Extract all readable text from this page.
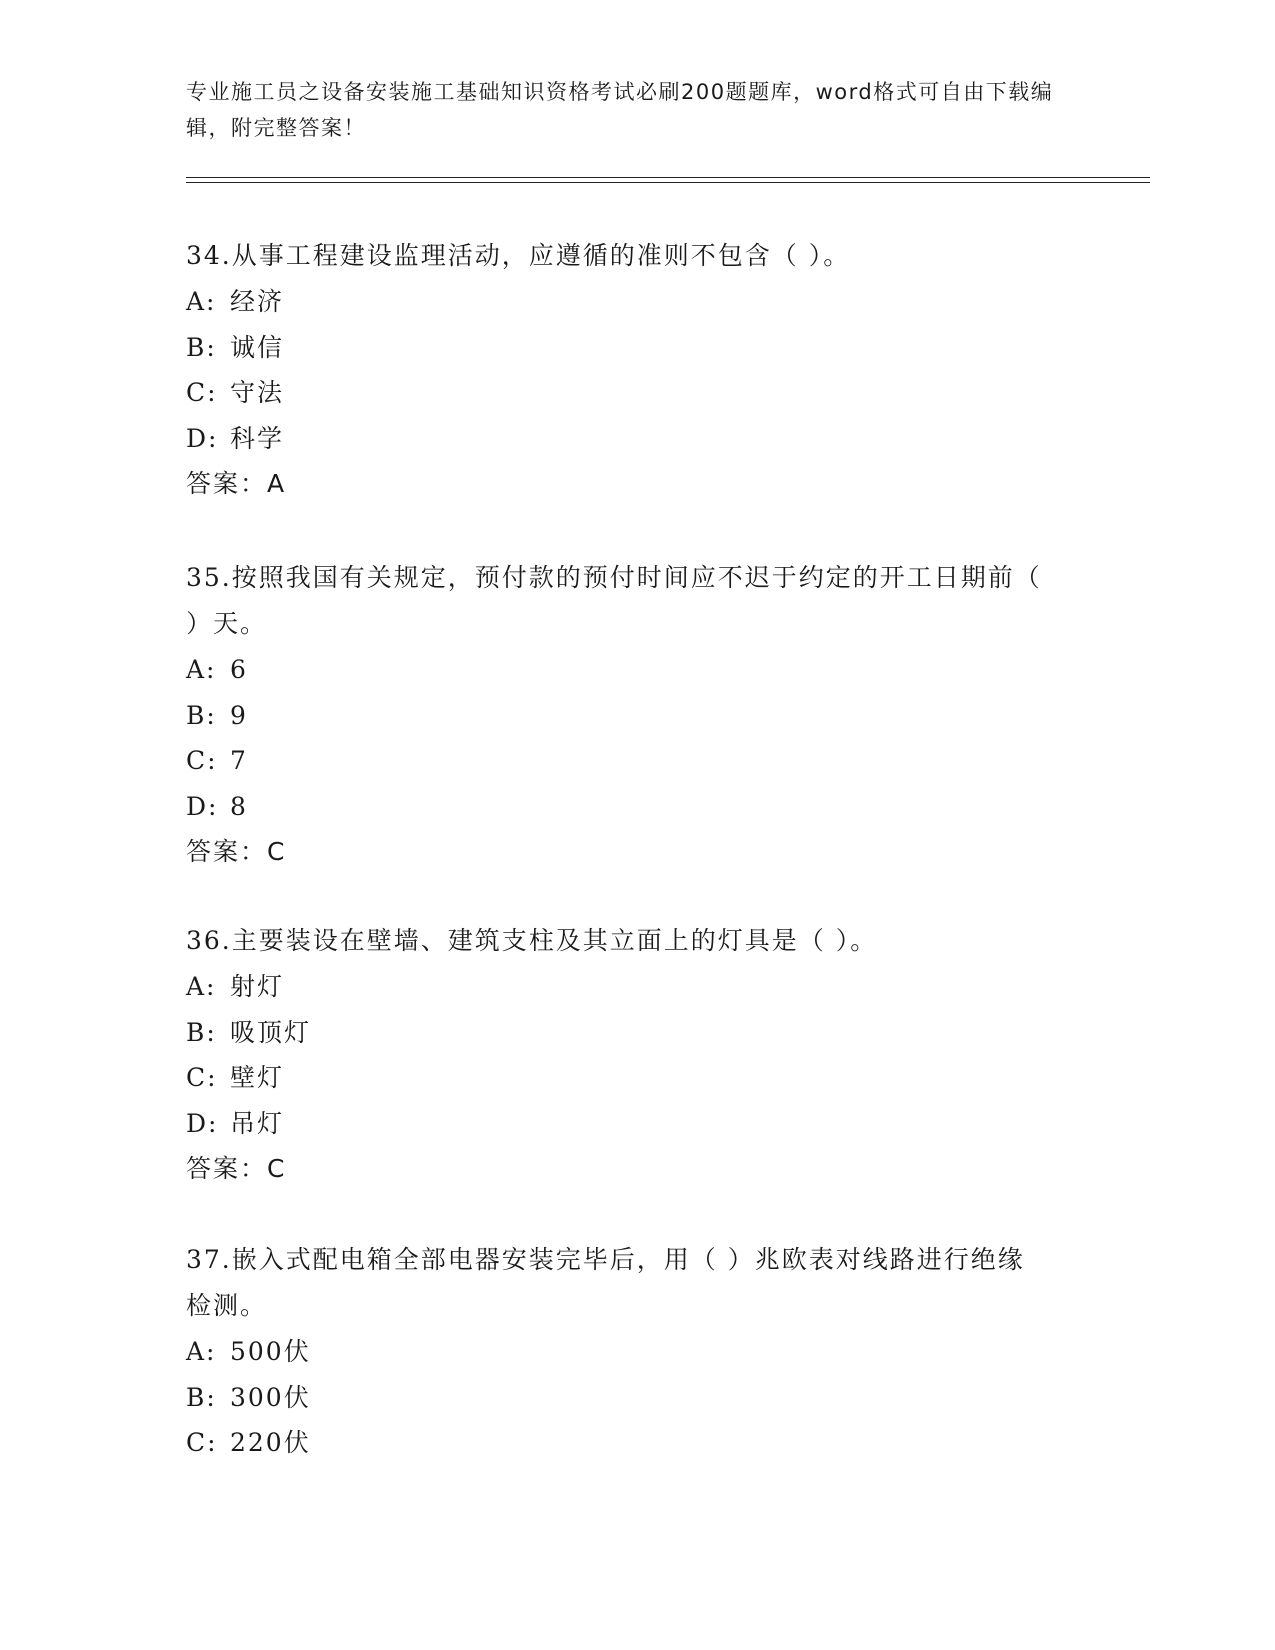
专业施工员之设备安装施工基础知识资格考试必刷200题题库，word格式可自由下载编辑，附完整答案！

34.从事工程建设监理活动，应遵循的准则不包含（ ）。

A: 经济
B: 诚信
C: 守法
D: 科学
答案：A

35.按照我国有关规定，预付款的预付时间应不迟于约定的开工日期前（ ）天。

A: 6
B: 9
C: 7
D: 8
答案：C

36.主要装设在壁墙、建筑支柱及其立面上的灯具是（ ）。

A: 射灯
B: 吸顶灯
C: 壁灯
D: 吊灯
答案：C

37.嵌入式配电箱全部电器安装完毕后，用（ ）兆欧表对线路进行绝缘检测。

A: 500伏
B: 300伏
C: 220伏
